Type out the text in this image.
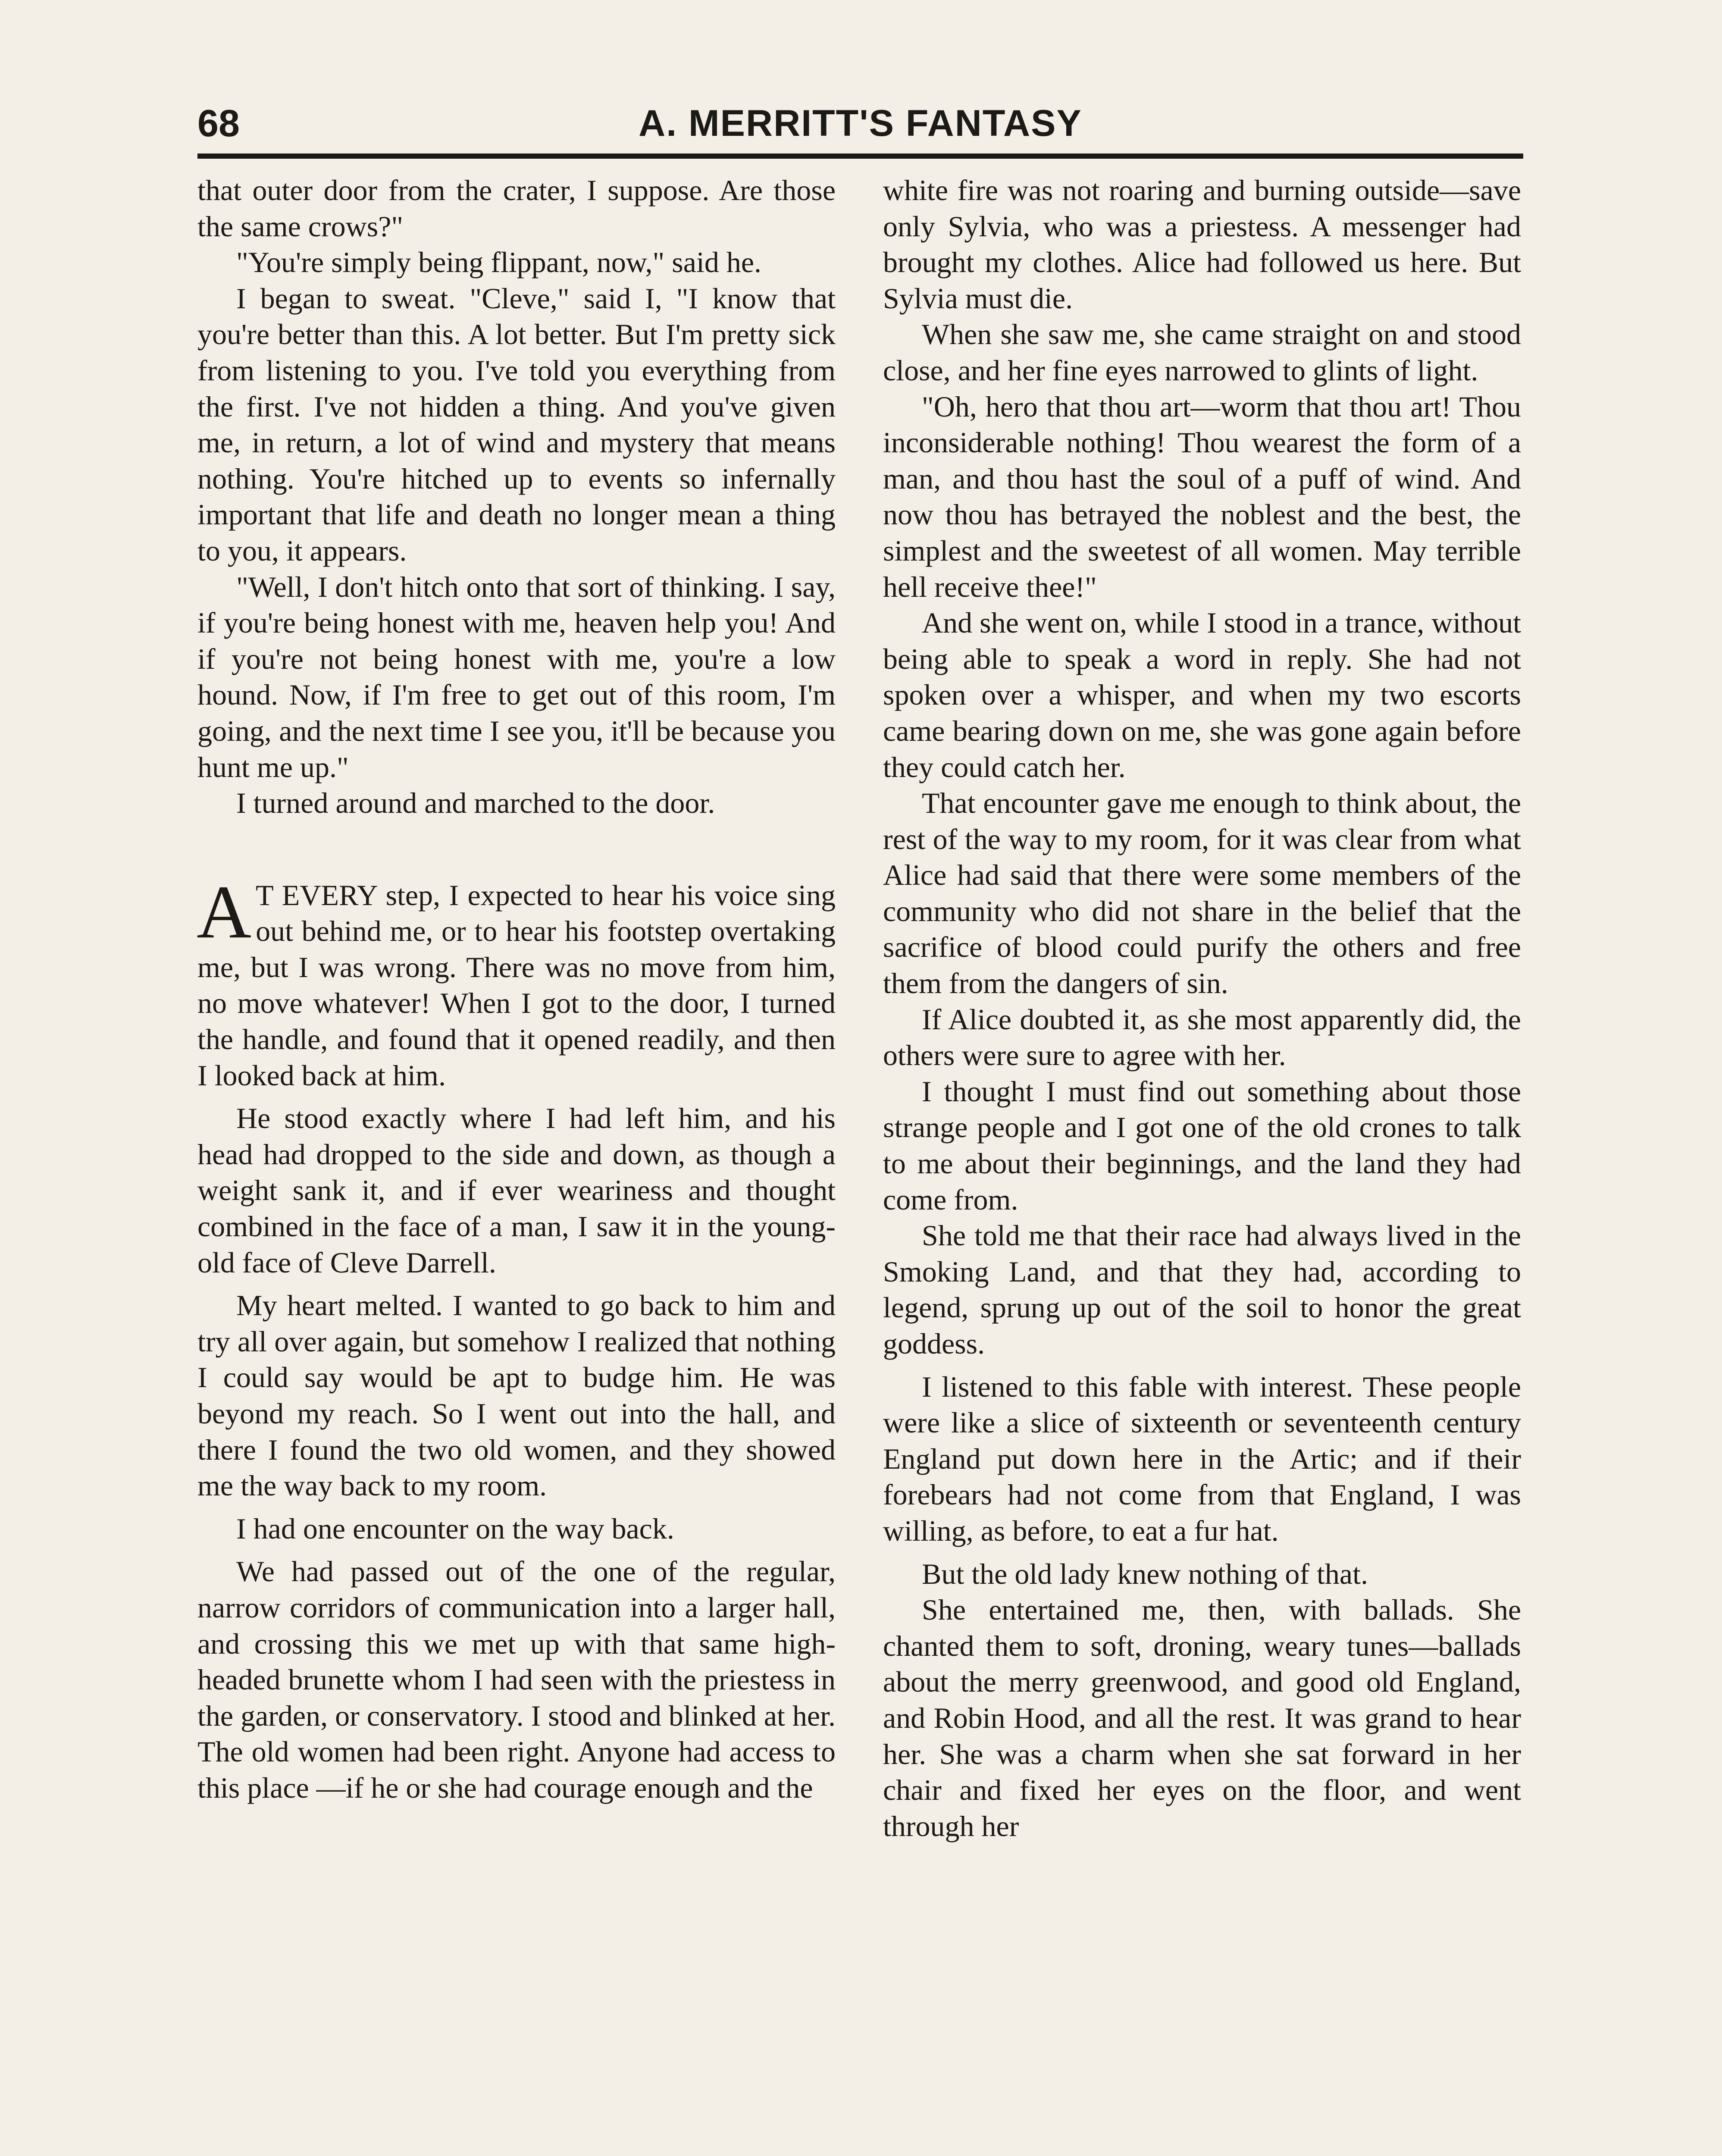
68	A. MERRITT'S FANTASY

that outer door from the crater, I suppose. Are those the same crows?"

"You're simply being flippant, now," said he.

I began to sweat. "Cleve," said I, "I know that you're better than this. A lot better. But I'm pretty sick from listening to you. I've told you everything from the first. I've not hidden a thing. And you've given me, in return, a lot of wind and mystery that means nothing. You're hitched up to events so infernally important that life and death no longer mean a thing to you, it appears.

"Well, I don't hitch onto that sort of thinking. I say, if you're being honest with me, heaven help you! And if you're not being honest with me, you're a low hound. Now, if I'm free to get out of this room, I'm going, and the next time I see you, it'll be because you hunt me up."

I turned around and marched to the door.

A T EVERY step, I expected to hear his voice sing out behind me, or to hear his footstep overtaking me, but I was wrong. There was no move from him, no move whatever! When I got to the door, I turned the handle, and found that it opened readily, and then I looked back at him.

He stood exactly where I had left him, and his head had dropped to the side and down, as though a weight sank it, and if ever weariness and thought combined in the face of a man, I saw it in the young-old face of Cleve Darrell.

My heart melted. I wanted to go back to him and try all over again, but somehow I realized that nothing I could say would be apt to budge him. He was beyond my reach. So I went out into the hall, and there I found the two old women, and they showed me the way back to my room.

I had one encounter on the way back.

We had passed out of the one of the regular, narrow corridors of communication into a larger hall, and crossing this we met up with that same high-headed brunette whom I had seen with the priestess in the garden, or conservatory. I stood and blinked at her. The old women had been right. Anyone had access to this place —if he or she had courage enough and the

white fire was not roaring and burning outside—save only Sylvia, who was a priestess. A messenger had brought my clothes. Alice had followed us here. But Sylvia must die.

When she saw me, she came straight on and stood close, and her fine eyes narrowed to glints of light.

"Oh, hero that thou art—worm that thou art! Thou inconsiderable nothing! Thou wearest the form of a man, and thou hast the soul of a puff of wind. And now thou has betrayed the noblest and the best, the simplest and the sweetest of all women. May terrible hell receive thee!"

And she went on, while I stood in a trance, without being able to speak a word in reply. She had not spoken over a whisper, and when my two escorts came bearing down on me, she was gone again before they could catch her.

That encounter gave me enough to think about, the rest of the way to my room, for it was clear from what Alice had said that there were some members of the community who did not share in the belief that the sacrifice of blood could purify the others and free them from the dangers of sin.

If Alice doubted it, as she most apparently did, the others were sure to agree with her.

I thought I must find out something about those strange people and I got one of the old crones to talk to me about their beginnings, and the land they had come from.

She told me that their race had always lived in the Smoking Land, and that they had, according to legend, sprung up out of the soil to honor the great goddess.

I listened to this fable with interest. These people were like a slice of sixteenth or seventeenth century England put down here in the Artic; and if their forebears had not come from that England, I was willing, as before, to eat a fur hat.

But the old lady knew nothing of that.

She entertained me, then, with ballads. She chanted them to soft, droning, weary tunes—ballads about the merry greenwood, and good old England, and Robin Hood, and all the rest. It was grand to hear her. She was a charm when she sat forward in her chair and fixed her eyes on the floor, and went through her
